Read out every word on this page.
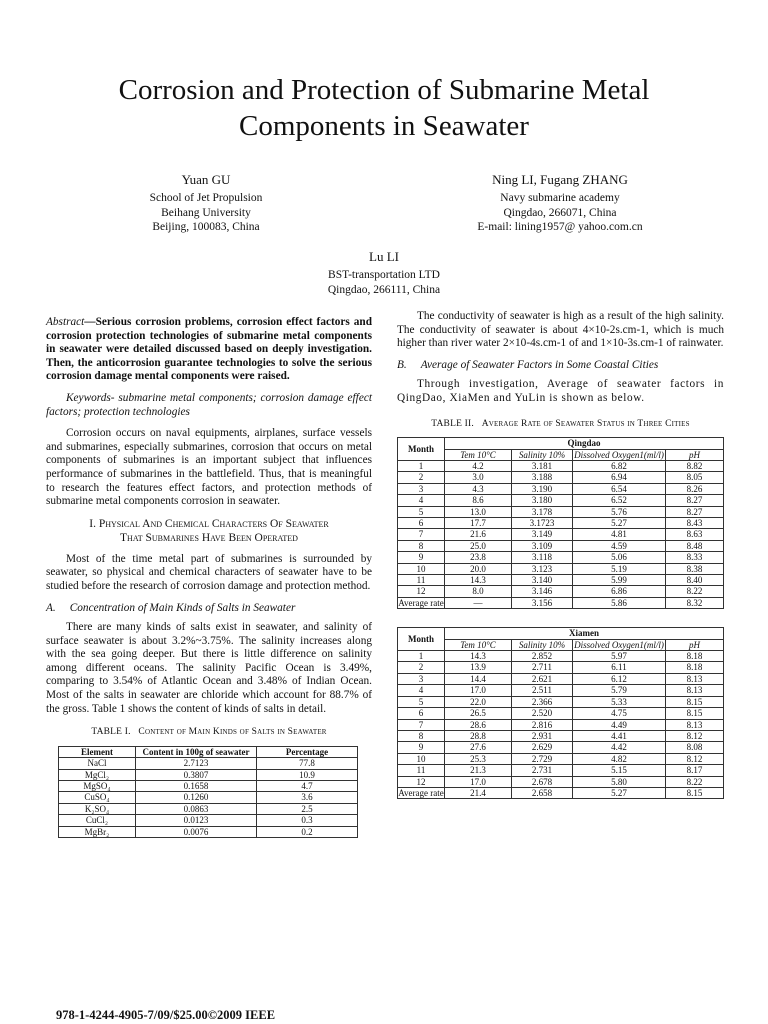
Corrosion and Protection of Submarine Metal
Components in Seawater
Yuan GU
School of Jet Propulsion
Beihang University
Beijing, 100083, China
Ning LI, Fugang ZHANG
Navy submarine academy
Qingdao, 266071, China
E-mail: lining1957@ yahoo.com.cn
Lu LI
BST-transportation LTD
Qingdao, 266111, China

Abstract—Serious corrosion problems, corrosion effect factors and corrosion protection technologies of submarine metal components in seawater were detailed discussed based on deeply investigation. Then, the anticorrosion guarantee technologies to solve the serious corrosion damage mental components were raised.

Keywords- submarine metal components; corrosion damage effect factors; protection technologies

Corrosion occurs on naval equipments, airplanes, surface vessels and submarines, especially submarines, corrosion that occurs on metal components of submarines is an important subject that influences performance of submarines in the battlefield. Thus, that is meaningful to research the features effect factors, and protection methods of submarine metal components corrosion in seawater.

I. Physical And Chemical Characters Of Seawater
That Submarines Have Been Operated

Most of the time metal part of submarines is surrounded by seawater, so physical and chemical characters of seawater have to be studied before the research of corrosion damage and protection method.

A. Concentration of Main Kinds of Salts in Seawater

There are many kinds of salts exist in seawater, and salinity of surface seawater is about 3.2%~3.75%. The salinity increases along with the sea going deeper. But there is little difference on salinity among different oceans. The salinity Pacific Ocean is 3.49%, comparing to 3.54% of Atlantic Ocean and 3.48% of Indian Ocean. Most of the salts in seawater are chloride which account for 88.7% of the gross. Table 1 shows the content of kinds of salts in detail.

TABLE I. Content of Main Kinds of Salts in Seawater
Element	Content in 100g of seawater	Percentage
NaCl	2.7123	77.8
MgCl₂	0.3807	10.9
MgSO₄	0.1658	4.7
CuSO₄	0.1260	3.6
K₂SO₄	0.0863	2.5
CuCl₂	0.0123	0.3
MgBr₂	0.0076	0.2

The conductivity of seawater is high as a result of the high salinity. The conductivity of seawater is about 4×10-2s.cm-1, which is much higher than river water 2×10-4s.cm-1 of and 1×10-3s.cm-1 of rainwater.

B. Average of Seawater Factors in Some Coastal Cities

Through investigation, Average of seawater factors in QingDao, XiaMen and YuLin is shown as below.

TABLE II. Average Rate of Seawater Status in Three Cities
Month	Qingdao			
	Tem 10°C	Salinity 10%	Dissolved Oxygen1(ml/l)	pH
1	4.2	3.181	6.82	8.82
2	3.0	3.188	6.94	8.05
3	4.3	3.190	6.54	8.26
4	8.6	3.180	6.52	8.27
5	13.0	3.178	5.76	8.27
6	17.7	3.1723	5.27	8.43
7	21.6	3.149	4.81	8.63
8	25.0	3.109	4.59	8.48
9	23.8	3.118	5.06	8.33
10	20.0	3.123	5.19	8.38
11	14.3	3.140	5.99	8.40
12	8.0	3.146	6.86	8.22
Average rate	—	3.156	5.86	8.32
Month	Xiamen			
	Tem 10°C	Salinity 10%	Dissolved Oxygen1(ml/l)	pH
1	14.3	2.852	5.97	8.18
2	13.9	2.711	6.11	8.18
3	14.4	2.621	6.12	8.13
4	17.0	2.511	5.79	8.13
5	22.0	2.366	5.33	8.15
6	26.5	2.520	4.75	8.15
7	28.6	2.816	4.49	8.13
8	28.8	2.931	4.41	8.12
9	27.6	2.629	4.42	8.08
10	25.3	2.729	4.82	8.12
11	21.3	2.731	5.15	8.17
12	17.0	2.678	5.80	8.22
Average rate	21.4	2.658	5.27	8.15
978-1-4244-4905-7/09/$25.00©2009 IEEE
